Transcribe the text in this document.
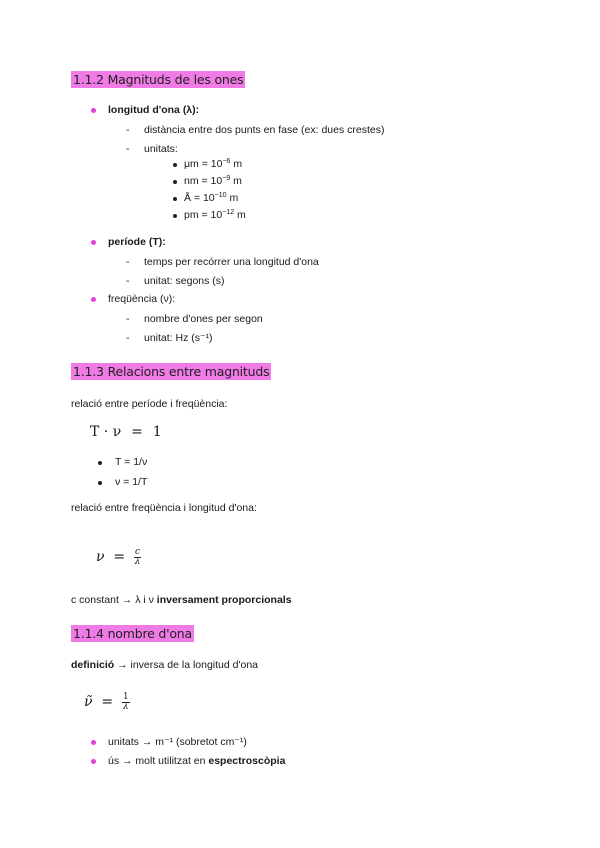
1.1.2 Magnituds de les ones
longitud d'ona (λ):
- distància entre dos punts en fase (ex: dues crestes)
- unitats:
$\mu m = 10^{-6}$ m
nm = $10^{-9}$ m
Å = $10^{-10}$ m
pm = $10^{-12}$ m
període (T):
- temps per recórrer una longitud d'ona
- unitat: segons (s)
freqüència (ν):
- nombre d'ones per segon
- unitat: Hz (s⁻¹)
1.1.3 Relacions entre magnituds
relació entre període i freqüència:
T · ν = 1
T = 1/ν
ν = 1/T
relació entre freqüència i longitud d'ona:
$\nu = \frac{c}{\lambda}$
c constant → λ i ν inversament proporcionals
1.1.4 nombre d'ona
definició → inversa de la longitud d'ona
ν̃ = $\frac{1}{\lambda}$
unitats → m⁻¹ (sobretot cm⁻¹)
ús → molt utilitzat en espectroscòpia
